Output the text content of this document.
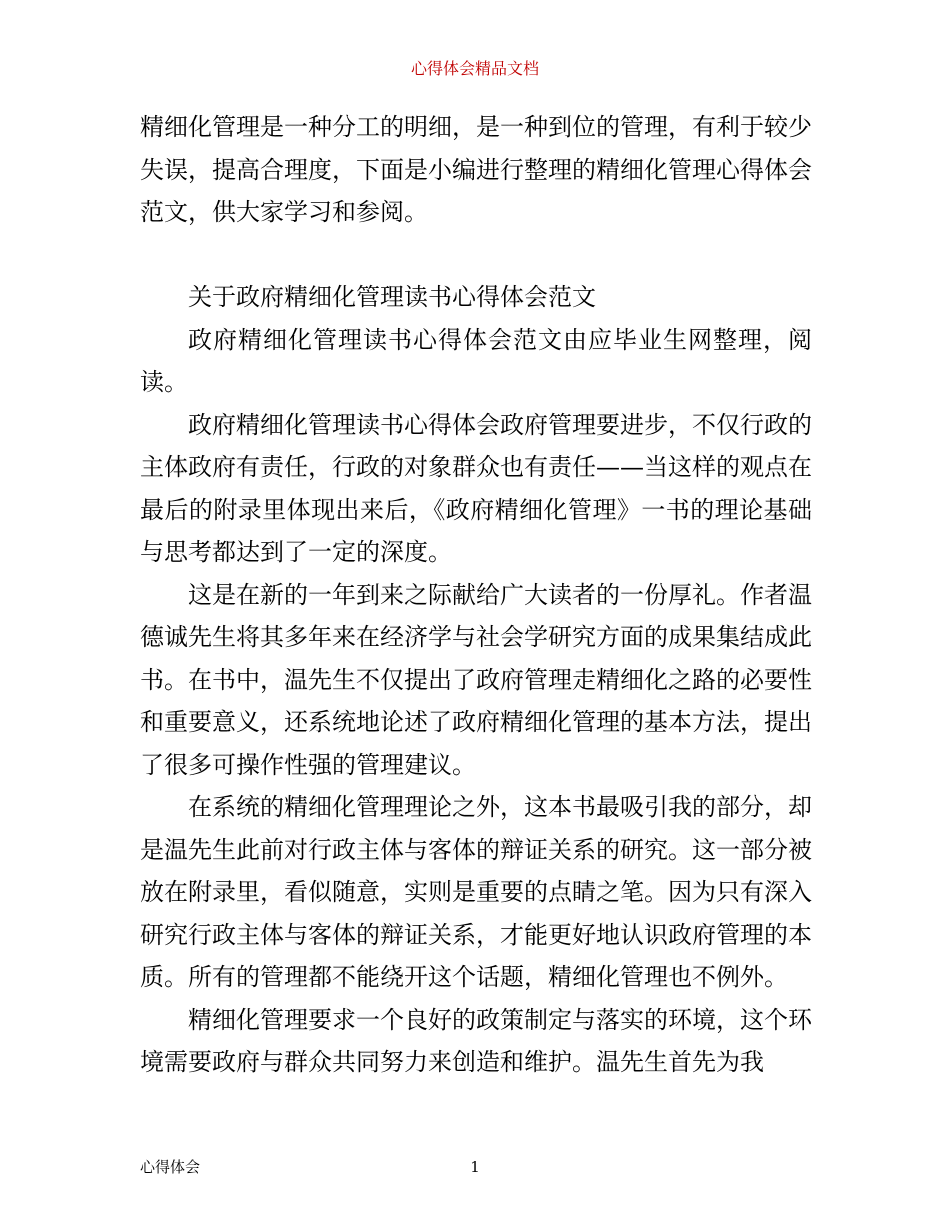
心得体会精品文档

精细化管理是一种分工的明细，是一种到位的管理，有利于较少失误，提高合理度，下面是小编进行整理的精细化管理心得体会范文，供大家学习和参阅。

关于政府精细化管理读书心得体会范文

政府精细化管理读书心得体会范文由应毕业生网整理，阅读。

政府精细化管理读书心得体会政府管理要进步，不仅行政的主体政府有责任，行政的对象群众也有责任——当这样的观点在最后的附录里体现出来后，《政府精细化管理》一书的理论基础与思考都达到了一定的深度。

这是在新的一年到来之际献给广大读者的一份厚礼。作者温德诚先生将其多年来在经济学与社会学研究方面的成果集结成此书。在书中，温先生不仅提出了政府管理走精细化之路的必要性和重要意义，还系统地论述了政府精细化管理的基本方法，提出了很多可操作性强的管理建议。

在系统的精细化管理理论之外，这本书最吸引我的部分，却是温先生此前对行政主体与客体的辩证关系的研究。这一部分被放在附录里，看似随意，实则是重要的点睛之笔。因为只有深入研究行政主体与客体的辩证关系，才能更好地认识政府管理的本质。所有的管理都不能绕开这个话题，精细化管理也不例外。

精细化管理要求一个良好的政策制定与落实的环境，这个环境需要政府与群众共同努力来创造和维护。温先生首先为我

心得体会	1
